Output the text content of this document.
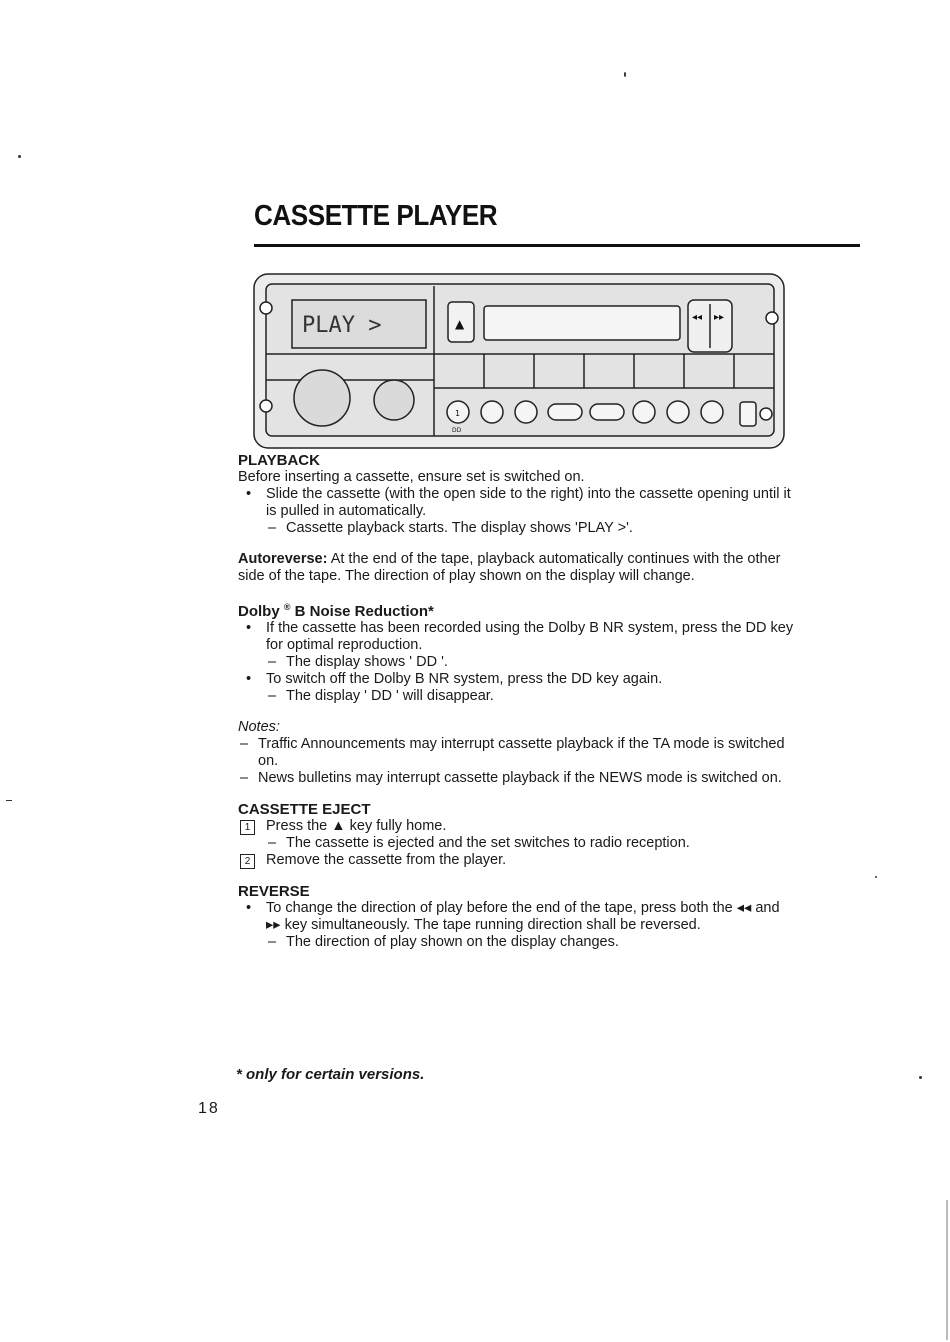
CASSETTE PLAYER
PLAY >	▲	◂◂ ▸▸
1
DD

PLAYBACK

Before inserting a cassette, ensure set is switched on.

• Slide the cassette (with the open side to the right) into the cassette opening until it is pulled in automatically.
– Cassette playback starts. The display shows 'PLAY >'.

Autoreverse: At the end of the tape, playback automatically continues with the other side of the tape. The direction of play shown on the display will change.

Dolby ® B Noise Reduction*

• If the cassette has been recorded using the Dolby B NR system, press the DD key for optimal reproduction.
– The display shows ' DD '.
• To switch off the Dolby B NR system, press the DD key again.
– The display ' DD ' will disappear.

Notes:

– Traffic Announcements may interrupt cassette playback if the TA mode is switched on.
– News bulletins may interrupt cassette playback if the NEWS mode is switched on.

CASSETTE EJECT

1	Press the ▲ key fully home.
– The cassette is ejected and the set switches to radio reception.
2	Remove the cassette from the player.

REVERSE

• To change the direction of play before the end of the tape, press both the ◂◂ and ▸▸ key simultaneously. The tape running direction shall be reversed.
– The direction of play shown on the display changes.

* only for certain versions.

18
